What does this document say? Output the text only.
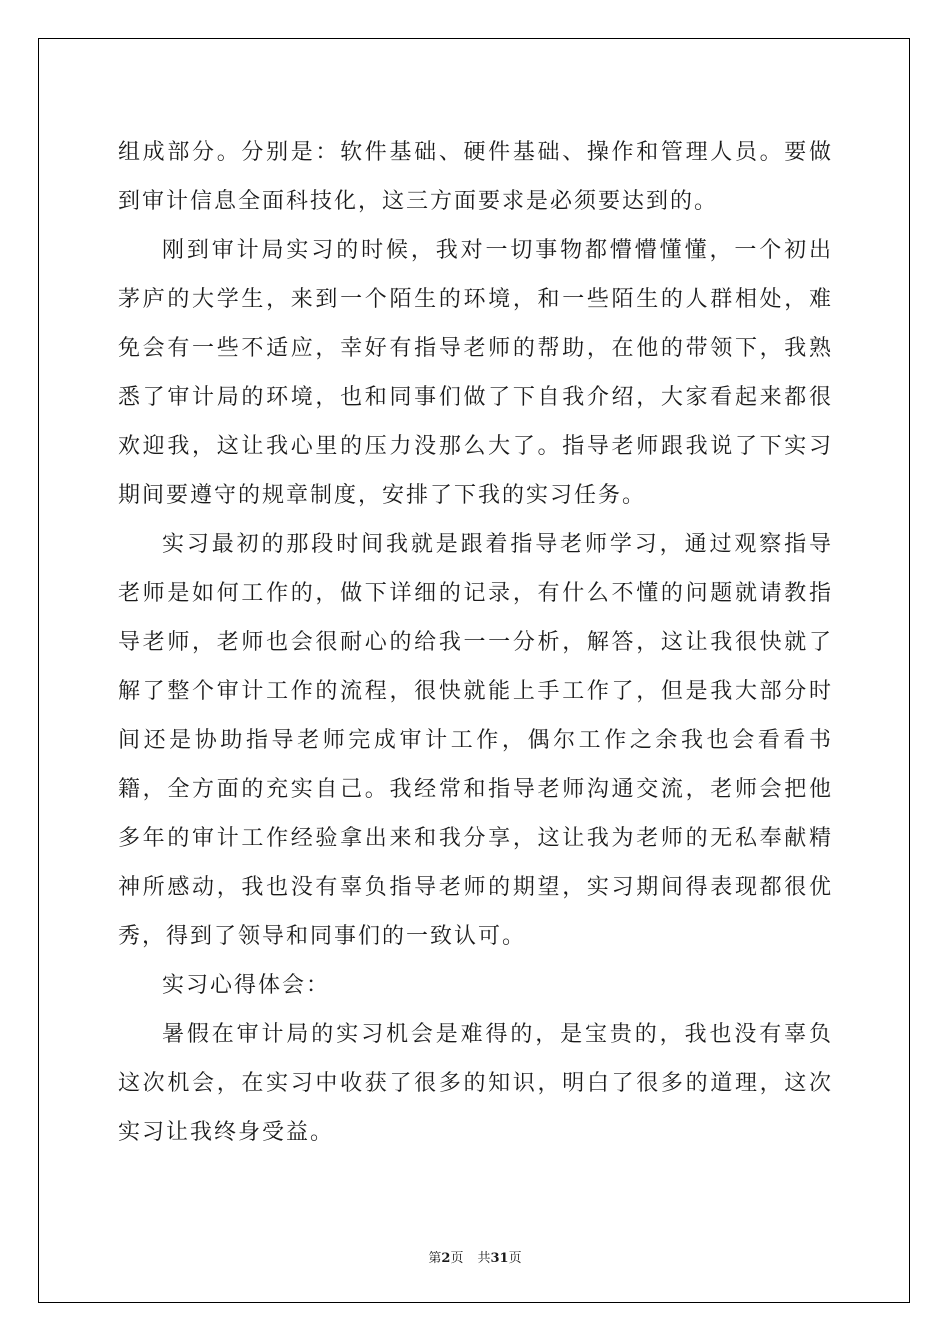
组成部分。分别是：软件基础、硬件基础、操作和管理人员。要做到审计信息全面科技化，这三方面要求是必须要达到的。

刚到审计局实习的时候，我对一切事物都懵懵懂懂，一个初出茅庐的大学生，来到一个陌生的环境，和一些陌生的人群相处，难免会有一些不适应，幸好有指导老师的帮助，在他的带领下，我熟悉了审计局的环境，也和同事们做了下自我介绍，大家看起来都很欢迎我，这让我心里的压力没那么大了。指导老师跟我说了下实习期间要遵守的规章制度，安排了下我的实习任务。

实习最初的那段时间我就是跟着指导老师学习，通过观察指导老师是如何工作的，做下详细的记录，有什么不懂的问题就请教指导老师，老师也会很耐心的给我一一分析，解答，这让我很快就了解了整个审计工作的流程，很快就能上手工作了，但是我大部分时间还是协助指导老师完成审计工作，偶尔工作之余我也会看看书籍，全方面的充实自己。我经常和指导老师沟通交流，老师会把他多年的审计工作经验拿出来和我分享，这让我为老师的无私奉献精神所感动，我也没有辜负指导老师的期望，实习期间得表现都很优秀，得到了领导和同事们的一致认可。

实习心得体会：

暑假在审计局的实习机会是难得的，是宝贵的，我也没有辜负这次机会，在实习中收获了很多的知识，明白了很多的道理，这次实习让我终身受益。

第2页 共31页
